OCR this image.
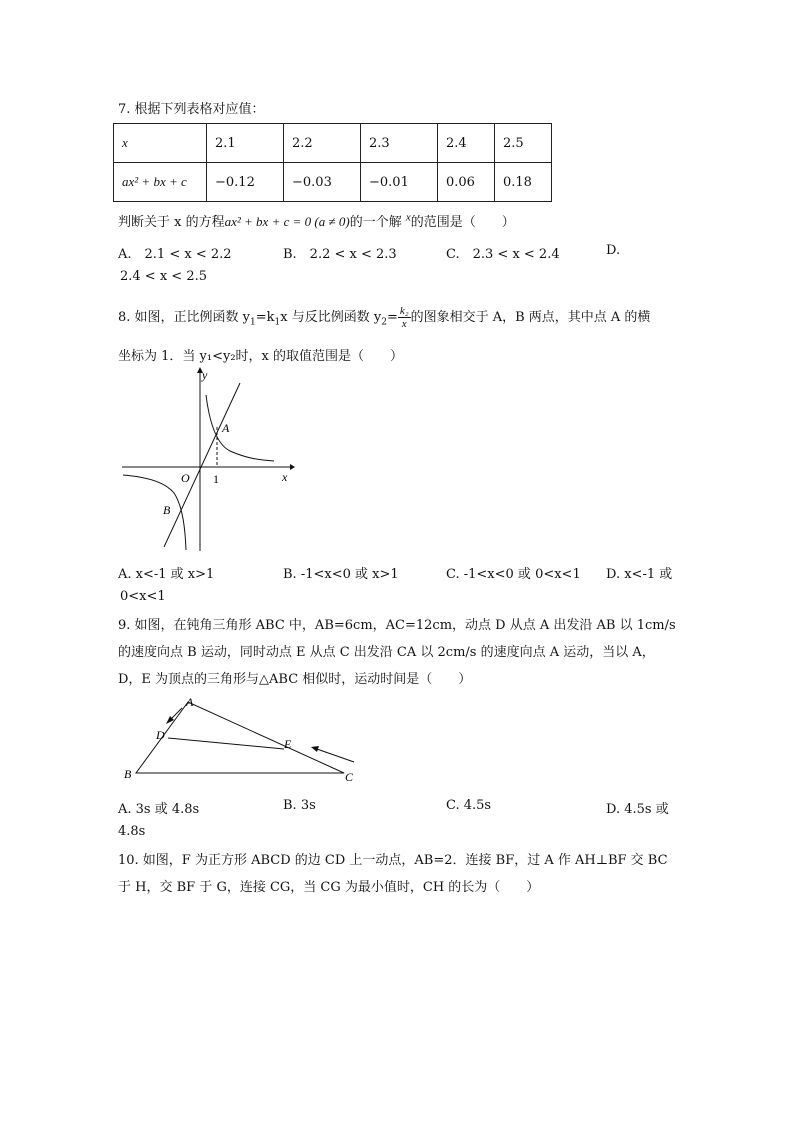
7. 根据下列表格对应值：
x	2.1	2.2	2.3	2.4	2.5
ax² + bx + c	−0.12	−0.03	−0.01	0.06	0.18
判断关于 x 的方程ax² + bx + c = 0 (a ≠ 0)的一个解 $^x$的范围是（　　）
A.　2.1 < x < 2.2	B.　2.2 < x < 2.3	C.　2.3 < x < 2.4	D.
2.4 < x < 2.5
8. 如图，正比例函数 $y_1=k_1x$ 与反比例函数 $y_2= \frac{\text{k₂}}{x}$ 的图象相交于 A，B 两点，其中点 A 的横
坐标为 1．当 y₁<y₂时，x 的取值范围是（　　）
y
x
O 1
A
B
A. x<-1 或 x>1	B. -1<x<0 或 x>1	C. -1<x<0 或 0<x<1 D. x<-1 或
0<x<1
9. 如图，在钝角三角形 ABC 中，AB=6cm，AC=12cm，动点 D 从点 A 出发沿 AB 以 1cm/s
的速度向点 B 运动，同时动点 E 从点 C 出发沿 CA 以 2cm/s 的速度向点 A 运动，当以 A，
D，E 为顶点的三角形与△ABC 相似时，运动时间是（　　）
A
B	C
D
E
A. 3s 或 4.8s	B. 3s	C. 4.5s	D. 4.5s 或
4.8s
10. 如图，F 为正方形 ABCD 的边 CD 上一动点，AB=2．连接 BF，过 A 作 AH⊥BF 交 BC
于 H，交 BF 于 G，连接 CG，当 CG 为最小值时，CH 的长为（　　）
